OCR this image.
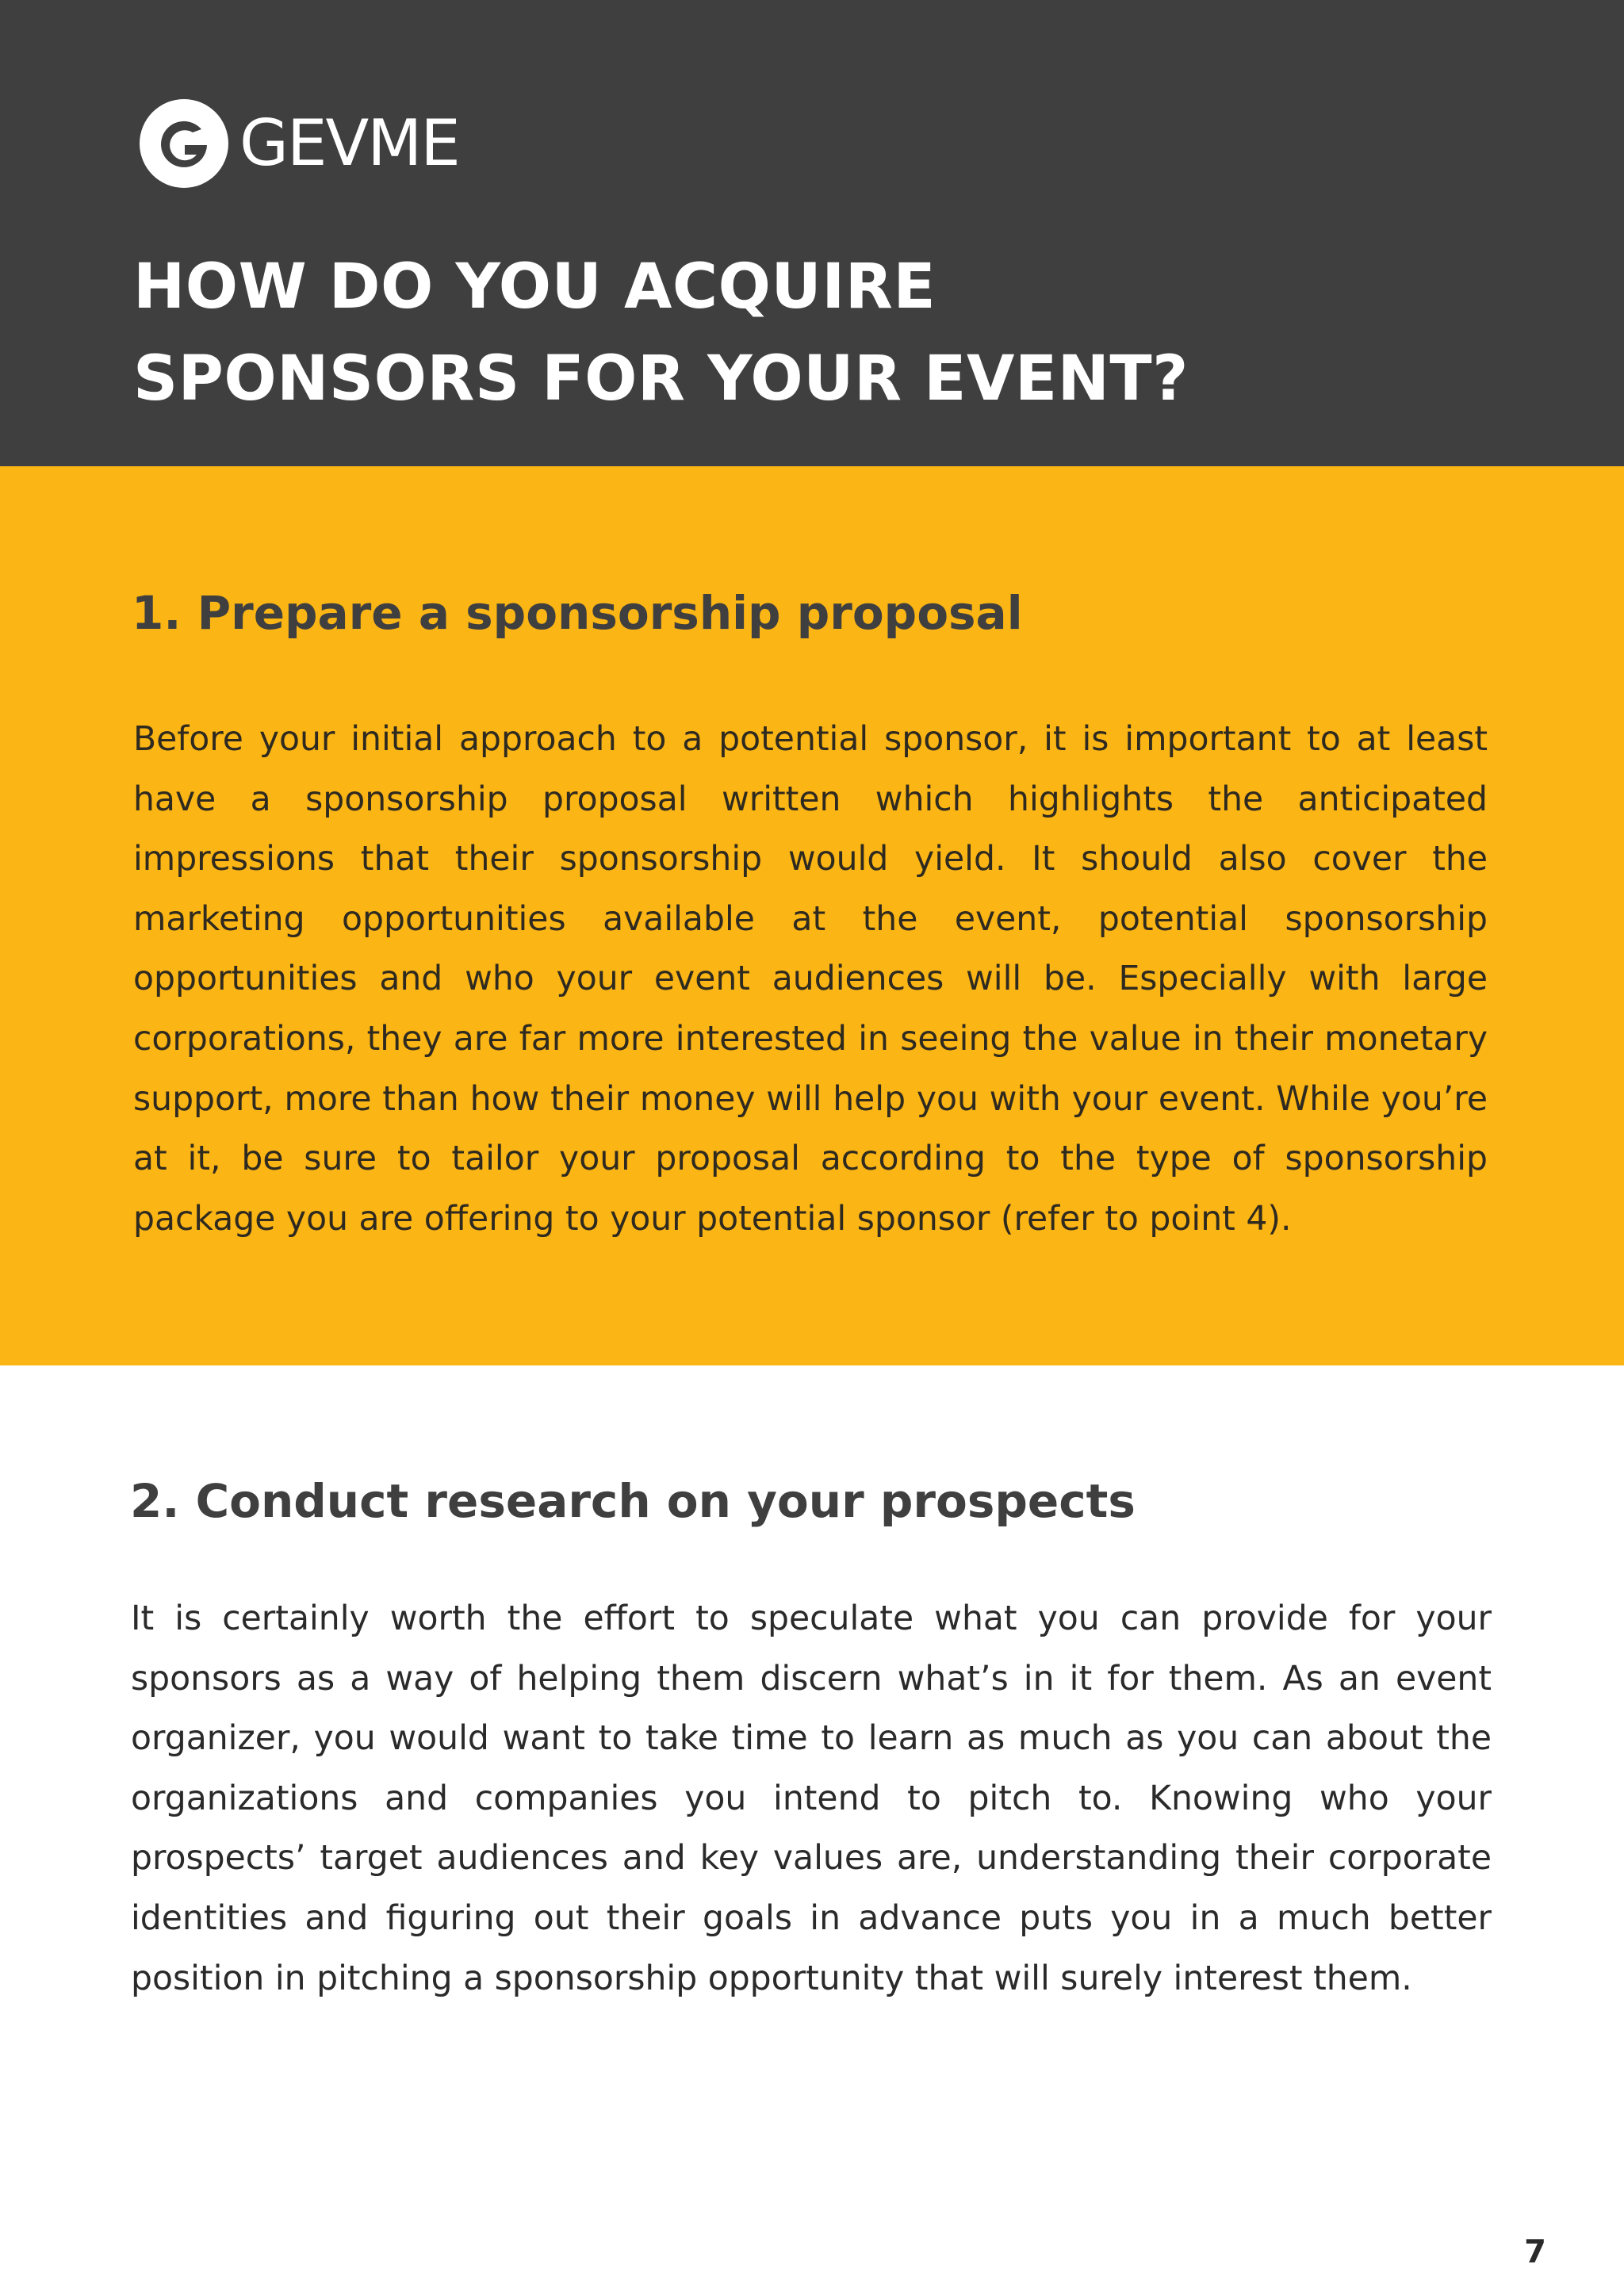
GEVME
HOW DO YOU ACQUIRE
SPONSORS FOR YOUR EVENT?
1. Prepare a sponsorship proposal

Before your initial approach to a potential sponsor, it is important to at least have a sponsorship proposal written which highlights the anticipated impressions that their sponsorship would yield. It should also cover the marketing opportunities available at the event, potential sponsorship opportunities and who your event audiences will be. Especially with large corporations, they are far more interested in seeing the value in their monetary support, more than how their money will help you with your event. While you’re at it, be sure to tailor your proposal according to the type of sponsorship package you are offering to your potential sponsor (refer to point 4).

2. Conduct research on your prospects

It is certainly worth the effort to speculate what you can provide for your sponsors as a way of helping them discern what’s in it for them. As an event organizer, you would want to take time to learn as much as you can about the organizations and companies you intend to pitch to. Knowing who your prospects’ target audiences and key values are, understanding their corporate identities and figuring out their goals in advance puts you in a much better position in pitching a sponsorship opportunity that will surely interest them.

7
